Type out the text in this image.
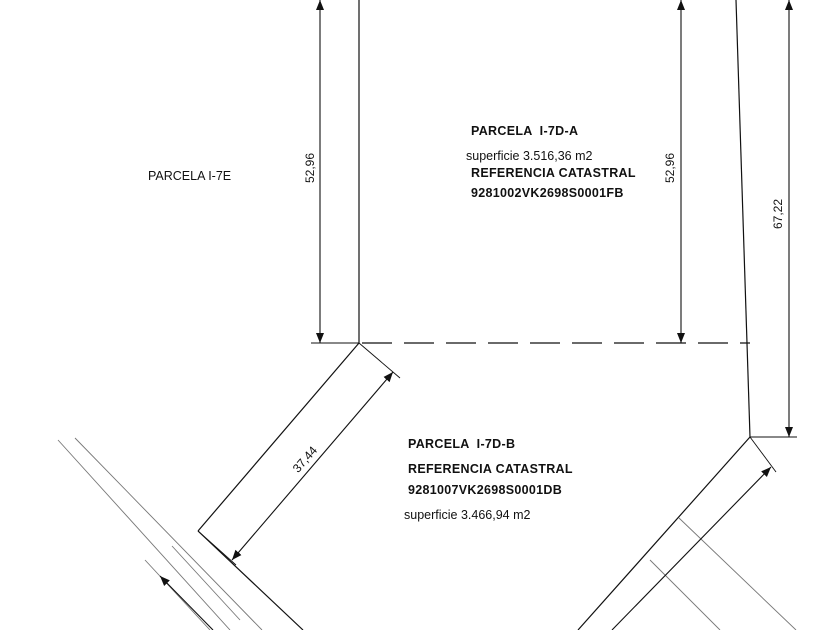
52,96	52,96
67,22
37,44
PARCELA I-7E
PARCELA  I-7D-A
superficie 3.516,36 m2
REFERENCIA CATASTRAL
9281002VK2698S0001FB
PARCELA  I-7D-B
REFERENCIA CATASTRAL
9281007VK2698S0001DB
superficie 3.466,94 m2
